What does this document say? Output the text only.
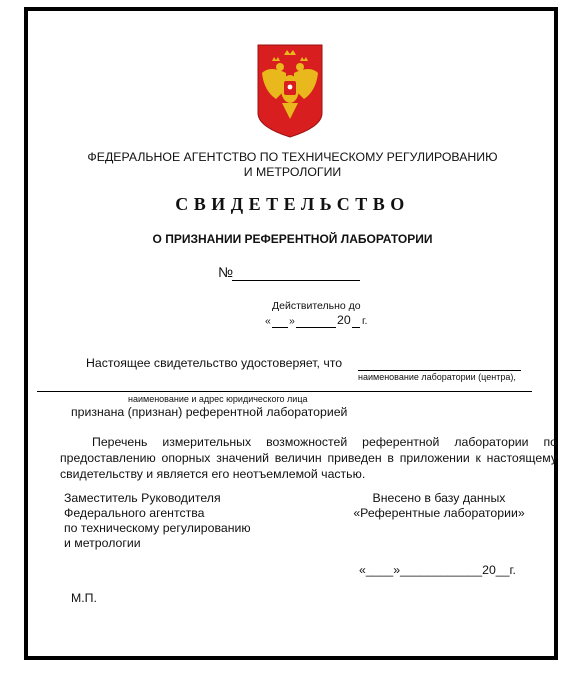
ФЕДЕРАЛЬНОЕ АГЕНТСТВО ПО ТЕХНИЧЕСКОМУ РЕГУЛИРОВАНИЮ
И МЕТРОЛОГИИ
СВИДЕТЕЛЬСТВО
О ПРИЗНАНИИ РЕФЕРЕНТНОЙ ЛАБОРАТОРИИ
№
Действительно до
« »	20 г.
Настоящее свидетельство удостоверяет, что
наименование лаборатории (центра),
наименование и адрес юридического лица
признана (признан) референтной лабораторией
Перечень измерительных возможностей референтной лаборатории по предоставлению опорных значений величин приведен в приложении к настоящему свидетельству и является его неотъемлемой частью.
Заместитель Руководителя
Федерального агентства
по техническому регулированию
и метрологии
Внесено в базу данных
«Референтные лаборатории»
«____»____________20__г.
М.П.
